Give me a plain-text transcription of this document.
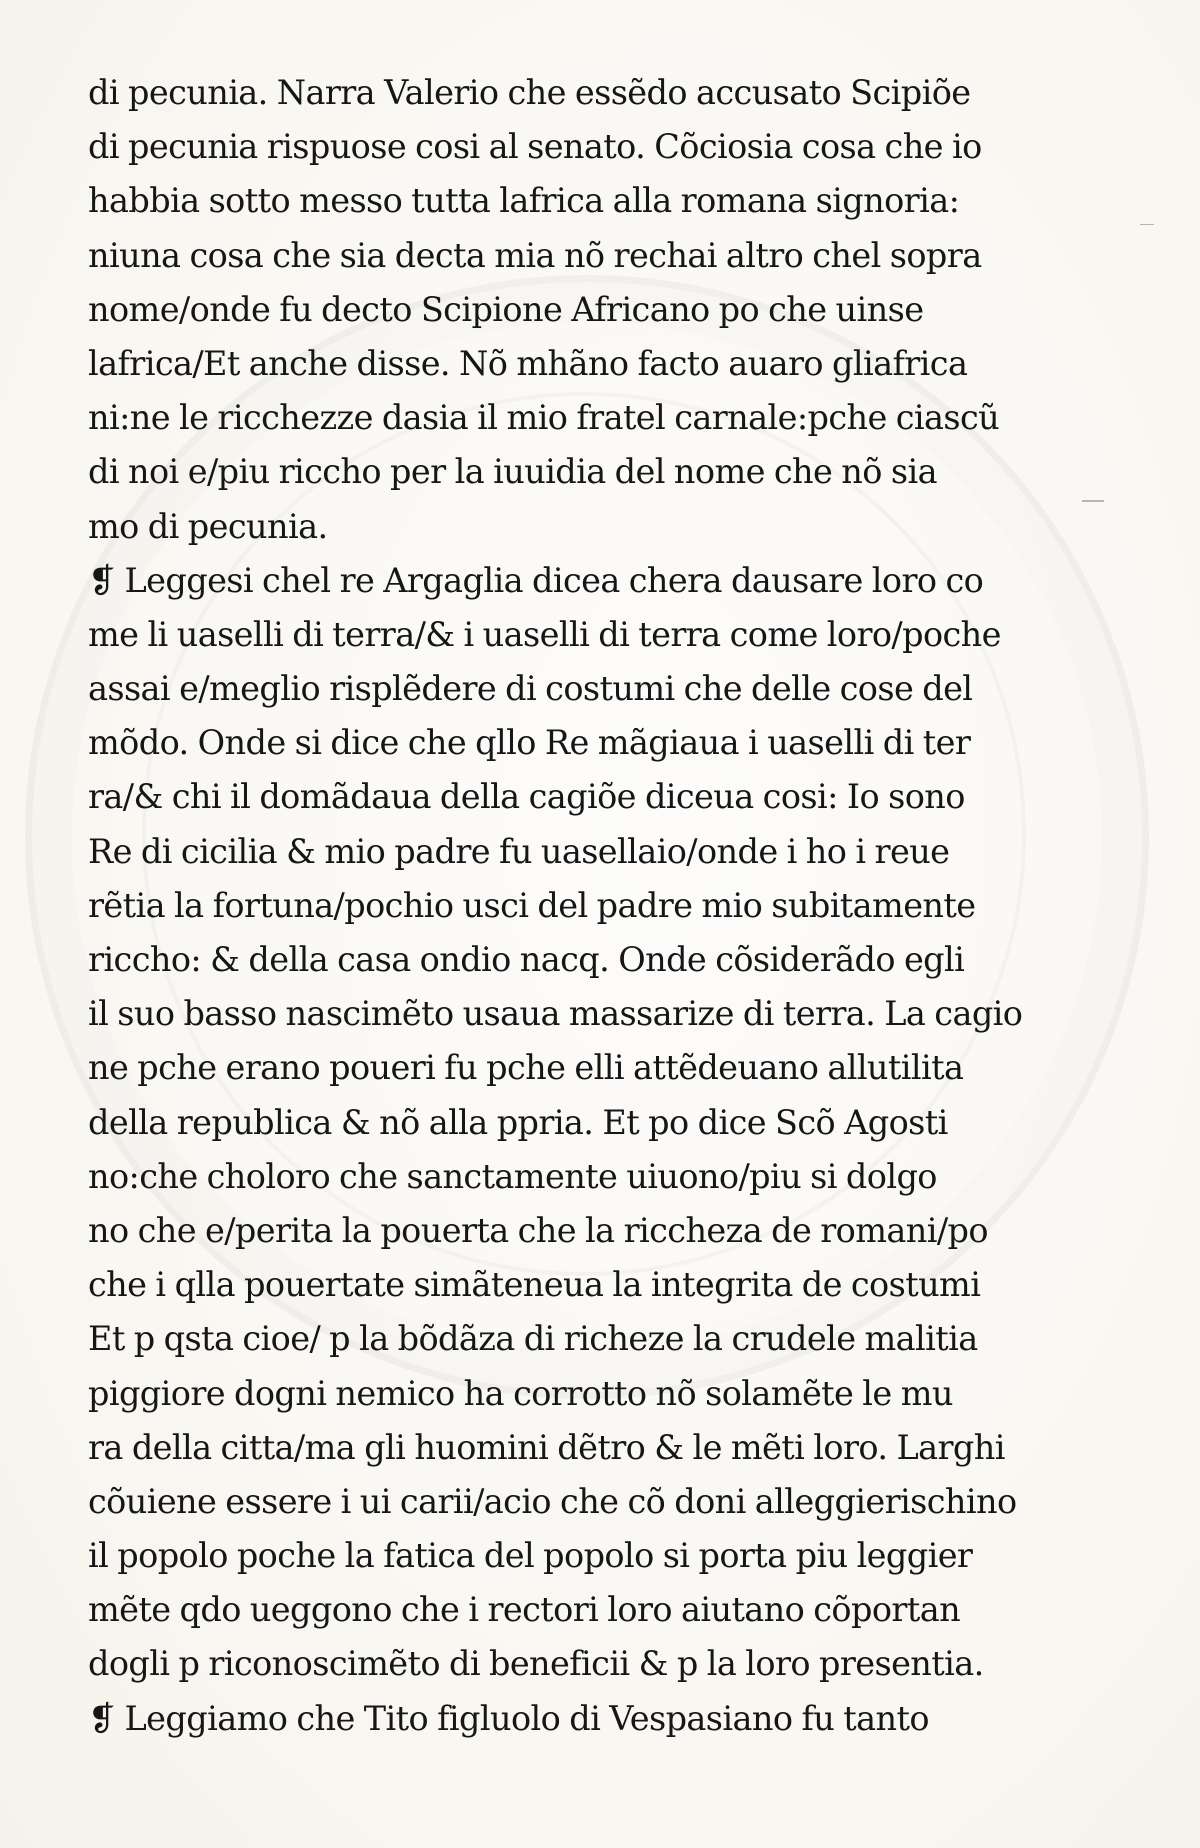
di pecunia. Narra Valerio che essẽdo accusato Scipiõe
di pecunia rispuose cosi al senato. Cõciosia cosa che io
habbia sotto messo tutta lafrica alla romana signoria:
niuna cosa che sia decta mia nõ rechai altro chel sopra
nome/onde fu decto Scipione Africano po che uinse
lafrica/Et anche disse. Nõ mhãno facto auaro gliafrica
ni:ne le ricchezze dasia il mio fratel carnale:pche ciascũ
di noi e/piu riccho per la iuuidia del nome che nõ sia
mo di pecunia.
❡ Leggesi chel re Argaglia dicea chera dausare loro co
me li uaselli di terra/& i uaselli di terra come loro/poche
assai e/meglio risplẽdere di costumi che delle cose del
mõdo. Onde si dice che qllo Re mãgiaua i uaselli di ter
ra/& chi il domãdaua della cagiõe diceua cosi: Io sono
Re di cicilia & mio padre fu uasellaio/onde i ho i reue
rẽtia la fortuna/pochio usci del padre mio subitamente
riccho: & della casa ondio nacq. Onde cõsiderãdo egli
il suo basso nascimẽto usaua massarize di terra. La cagio
ne pche erano poueri fu pche elli attẽdeuano allutilita
della republica & nõ alla ppria. Et po dice Scõ Agosti
no:che choloro che sanctamente uiuono/piu si dolgo
no che e/perita la pouerta che la riccheza de romani/po
che i qlla pouertate simãteneua la integrita de costumi
Et p qsta cioe/ p la bõdãza di richeze la crudele malitia
piggiore dogni nemico ha corrotto nõ solamẽte le mu
ra della citta/ma gli huomini dẽtro & le mẽti loro. Larghi
cõuiene essere i ui carii/acio che cõ doni alleggierischino
il popolo poche la fatica del popolo si porta piu leggier
mẽte qdo ueggono che i rectori loro aiutano cõportan
dogli p riconoscimẽto di beneficii & p la loro presentia.
❡ Leggiamo che Tito figluolo di Vespasiano fu tanto
